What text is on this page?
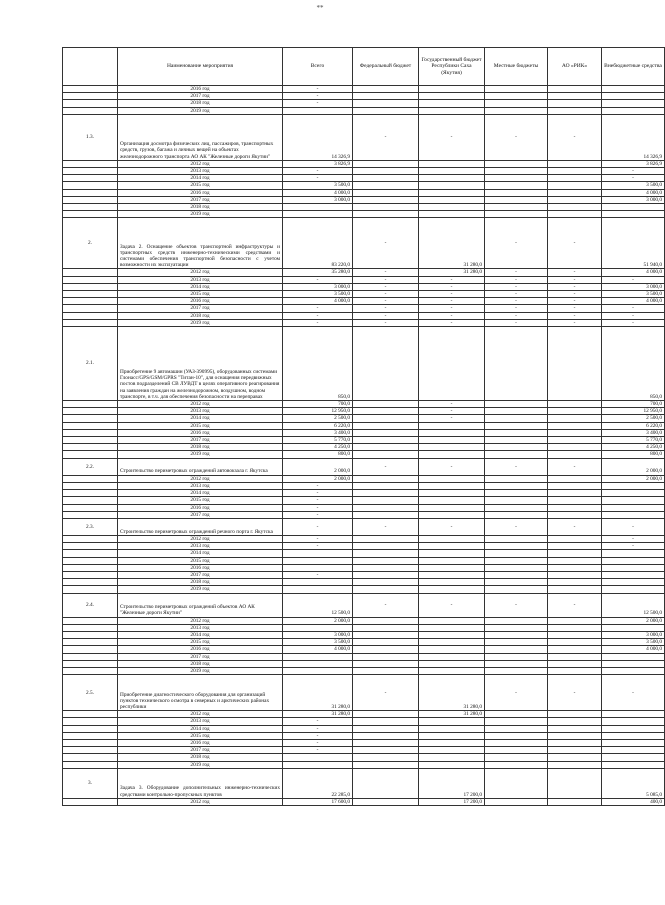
**
	Наименование мероприятия	Всего	Федеральный бюджет	Государственный бюджет Республики Саха (Якутия)	Местные бюджеты	АО «РИК»	Внебюджетные средства
	2016 год	-					
	2017 год	-					
	2018 год	-					
	2019 год						
1.3.	Организация досмотра физических лиц, пассажиров, транспортных средств, грузов, багажа и личных вещей на объектах железнодорожного транспорта АО АК "Железные дороги Якутии"	14 326,9	-	-	-	-	14 326,9
	2012 год	3 826,9					3 826,9
	2013 год	-					-
	2014 год	-					-
	2015 год	3 500,0					3 500,0
	2016 год	4 000,0					4 000,0
	2017 год	3 000,0					3 000,0
	2018 год						
	2019 год						
2.	Задача 2. Оснащение объектов транспортной инфраструктуры и транспортных средств инженерно-техническими средствами и системами обеспечения транспортной безопасности с учетом возможности их эксплуатации	83 220,0	-	31 280,0	-	-	51 940,0
	2012 год	35 280,0	-	31 280,0	-	-	4 000,0
	2013 год	-	-	-	-	-	-
	2014 год	3 000,0	-	-	-	-	3 000,0
	2015 год	3 500,0	-	-	-	-	3 500,0
	2016 год	4 000,0	-	-	-	-	4 000,0
	2017 год	-	-	-	-	-	-
	2018 год	-	-	-	-	-	-
	2019 год	-	-	-	-	-	-
2.1.	Приобретение 9 автомашин (УАЗ-390995), оборудованных системами Глонасс/GPS/GSM/GPRS "Титан-10", для оснащения передвижных постов подразделений СВ ЛУВДТ в целях оперативного реагирования на заявления граждан на железнодорожном, воздушном, водном транспорте, в т.ч. для обеспечения безопасности на переправах	850,0					850,0
	2012 год	700,0		-			700,0
	2013 год	12 950,0		-			12 950,0
	2014 год	2 500,0		-			2 500,0
	2015 год	6 220,0					6 220,0
	2016 год	3 400,0					3 400,0
	2017 год	5 770,0					5 770,0
	2018 год	4 250,0					4 250,0
	2019 год	800,0					800,0
2.2.	Строительство периметровых ограждений автовокзала г. Якутска	2 000,0	-	-	-	-	2 000,0
	2012 год	2 000,0					2 000,0
	2013 год	-					
	2014 год	-					
	2015 год	-					
	2016 год	-					
	2017 год	-					
2.3.	Строительство периметровых ограждений речного порта г. Якутска	-	-	-	-	-	-
	2012 год	-					-
	2013 год	-					-
	2014 год						
	2015 год						
	2016 год						
	2017 год	-					
	2018 год						
	2019 год						
2.4.	Строительство периметровых ограждений объектов АО АК "Железные дороги Якутии"	12 500,0	-	-	-	-	12 500,0
	2012 год	2 000,0					2 000,0
	2013 год						
	2014 год	3 000,0					3 000,0
	2015 год	3 500,0					3 500,0
	2016 год	4 000,0					4 000,0
	2017 год						
	2018 год						
	2019 год						
2.5.	Приобретение диагностического оборудования для организаций пунктов технического осмотра в северных и арктических районах республики	31 280,0	-	31 280,0	-	-	-
	2012 год	31 280,0		31 280,0			
	2013 год	-					
	2014 год	-					
	2015 год	-					
	2016 год	-					
	2017 год	-					
	2018 год						
	2019 год						
3.	Задача 3. Оборудование дополнительных инженерно-технических средствами контрольно-пропускных пунктов	22 285,0		17 200,0			5 085,0
	2012 год	17 600,0		17 200,0			400,0
